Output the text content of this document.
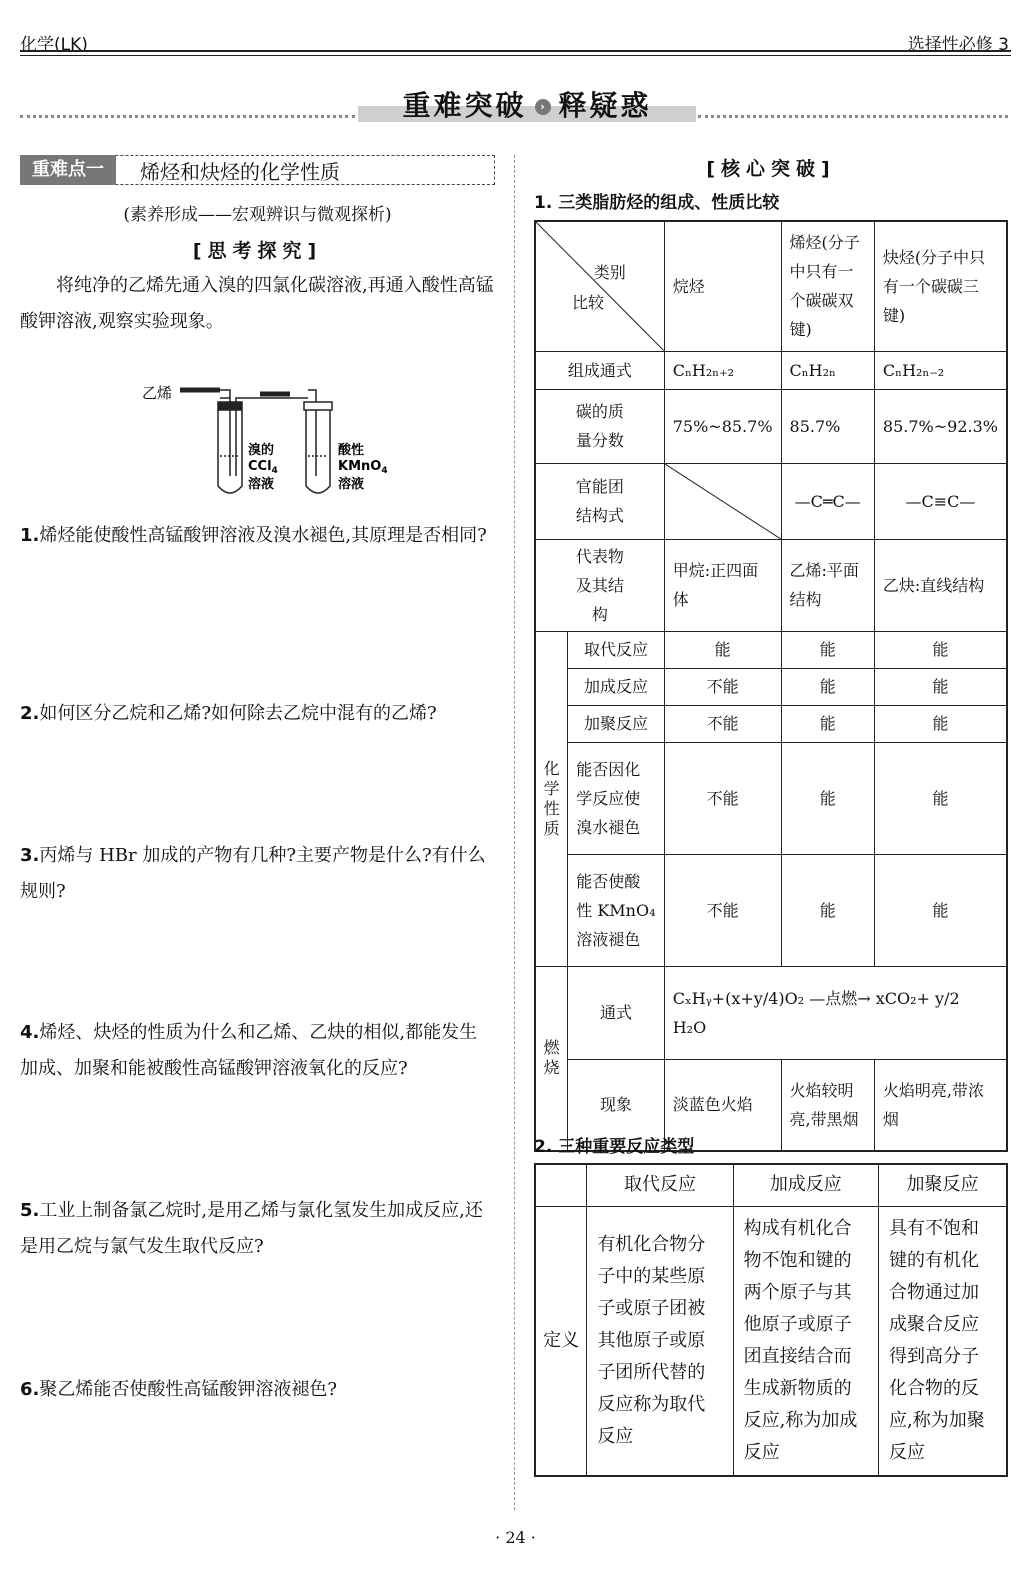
化学(LK)	选择性必修 3
重难突破 › 释疑惑
重难点一	烯烃和炔烃的化学性质
(素养形成——宏观辨识与微观探析)
[思考探究]
将纯净的乙烯先通入溴的四氯化碳溶液,再通入酸性高锰酸钾溶液,观察实验现象。
乙烯
溴的
CCl$_4$
溶液
酸性
KMnO$_4$
溶液
1.烯烃能使酸性高锰酸钾溶液及溴水褪色,其原理是否相同?
2.如何区分乙烷和乙烯?如何除去乙烷中混有的乙烯?
3.丙烯与 HBr 加成的产物有几种?主要产物是什么?有什么规则?
4.烯烃、炔烃的性质为什么和乙烯、乙炔的相似,都能发生加成、加聚和能被酸性高锰酸钾溶液氧化的反应?
5.工业上制备氯乙烷时,是用乙烯与氯化氢发生加成反应,还是用乙烷与氯气发生取代反应?
6.聚乙烯能否使酸性高锰酸钾溶液褪色?
[核心突破]
1. 三类脂肪烃的组成、性质比较
类别
比较		烷烃	烯烃(分子中只有一个碳碳双键)	炔烃(分子中只有一个碳碳三键)
组成通式		CₙH₂ₙ₊₂	CₙH₂ₙ	CₙH₂ₙ₋₂
碳的质量分数		75%~85.7%	85.7%	85.7%~92.3%
官能团结构式			—C═C—	—C≡C—
代表物及其结构		甲烷:正四面体	乙烯:平面结构	乙炔:直线结构
化学性质	取代反应	能	能	能
	加成反应	不能	能	能
	加聚反应	不能	能	能
	能否因化学反应使溴水褪色	不能	能	能
	能否使酸性 KMnO₄溶液褪色	不能	能	能
燃烧	通式	CₓHᵧ+(x+y/4)O₂ —点燃→ xCO₂+ y/2 H₂O		
	现象	淡蓝色火焰	火焰较明亮,带黑烟	火焰明亮,带浓烟
2. 三种重要反应类型
	取代反应	加成反应	加聚反应
定义	有机化合物分子中的某些原子或原子团被其他原子或原子团所代替的反应称为取代反应	构成有机化合物不饱和键的两个原子与其他原子或原子团直接结合而生成新物质的反应,称为加成反应	具有不饱和键的有机化合物通过加成聚合反应得到高分子化合物的反应,称为加聚反应
· 24 ·
